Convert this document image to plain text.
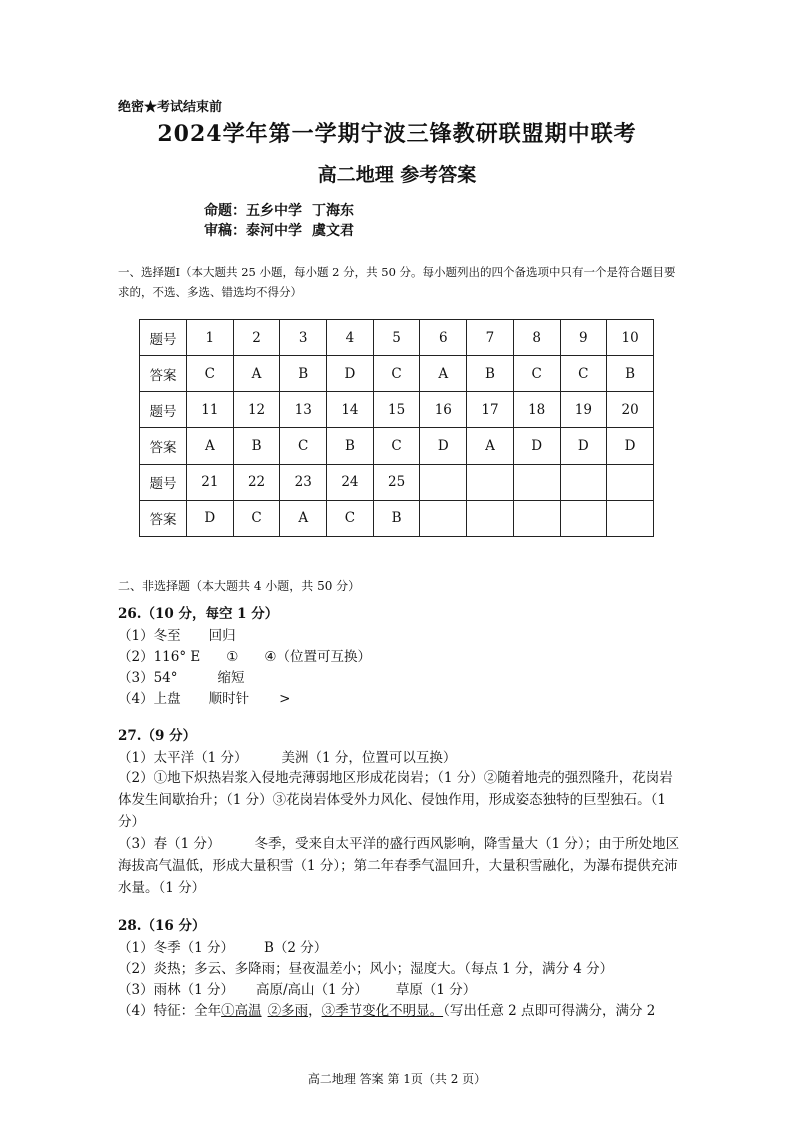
绝密★考试结束前
2024学年第一学期宁波三锋教研联盟期中联考
高二地理 参考答案
命题：五乡中学 丁海东
审稿：泰河中学 虞文君
一、选择题Ⅰ（本大题共 25 小题，每小题 2 分，共 50 分。每小题列出的四个备选项中只有一个是符合题目要求的，不选、多选、错选均不得分）
题号	1	2	3	4	5	6	7	8	9	10
答案	C	A	B	D	C	A	B	C	C	B
题号	11	12	13	14	15	16	17	18	19	20
答案	A	B	C	B	C	D	A	D	D	D
题号	21	22	23	24	25					
答案	D	C	A	C	B					
二、非选择题（本大题共 4 小题，共 50 分）
26.（10 分，每空 1 分）
（1）冬至 回归
（2）116° E ① ④（位置可互换）
（3）54°	缩短
（4）上盘 顺时针 >
27.（9 分）
（1）太平洋（1 分）	美洲（1 分，位置可以互换）
（2）①地下炽热岩浆入侵地壳薄弱地区形成花岗岩；（1 分）②随着地壳的强烈隆升，花岗岩体发生间歇抬升；（1 分）③花岗岩体受外力风化、侵蚀作用，形成姿态独特的巨型独石。（1 分）
（3）春（1 分）	冬季，受来自太平洋的盛行西风影响，降雪量大（1 分）；由于所处地区海拔高气温低，形成大量积雪（1 分）；第二年春季气温回升，大量积雪融化，为瀑布提供充沛水量。（1 分）
28.（16 分）
（1）冬季（1 分） B（2 分）
（2）炎热；多云、多降雨；昼夜温差小；风小；湿度大。（每点 1 分，满分 4 分）
（3）雨林（1 分） 高原/高山（1 分） 草原（1 分）
（4）特征：全年①高温 ②多雨，③季节变化不明显。（写出任意 2 点即可得满分，满分 2
高二地理 答案 第 1页（共 2 页）
